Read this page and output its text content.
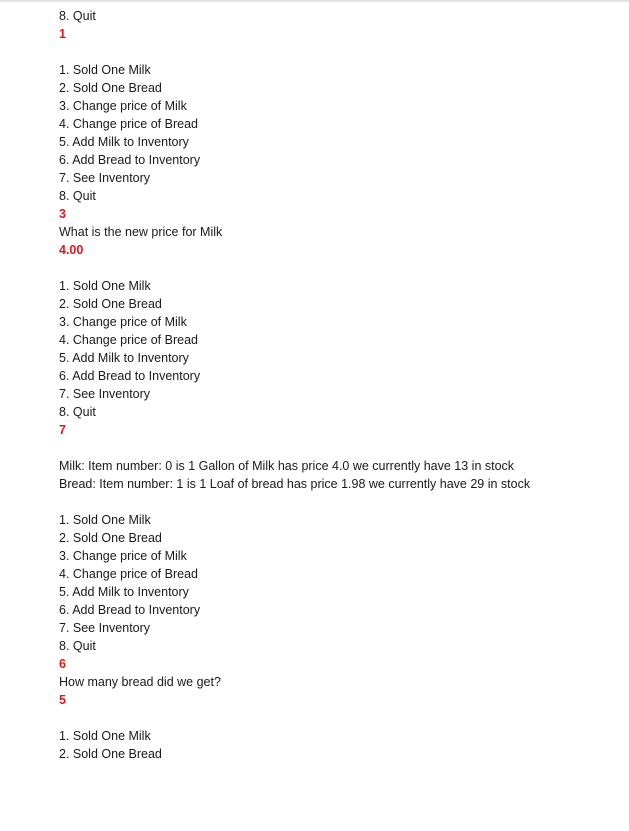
8. Quit
1
1. Sold One Milk
2. Sold One Bread
3. Change price of Milk
4. Change price of Bread
5. Add Milk to Inventory
6. Add Bread to Inventory
7. See Inventory
8. Quit
3
What is the new price for Milk
4.00
1. Sold One Milk
2. Sold One Bread
3. Change price of Milk
4. Change price of Bread
5. Add Milk to Inventory
6. Add Bread to Inventory
7. See Inventory
8. Quit
7
Milk: Item number: 0 is 1 Gallon of Milk has price 4.0 we currently have 13 in stock
Bread: Item number: 1 is 1 Loaf of bread has price 1.98 we currently have 29 in stock
1. Sold One Milk
2. Sold One Bread
3. Change price of Milk
4. Change price of Bread
5. Add Milk to Inventory
6. Add Bread to Inventory
7. See Inventory
8. Quit
6
How many bread did we get?
5
1. Sold One Milk
2. Sold One Bread
